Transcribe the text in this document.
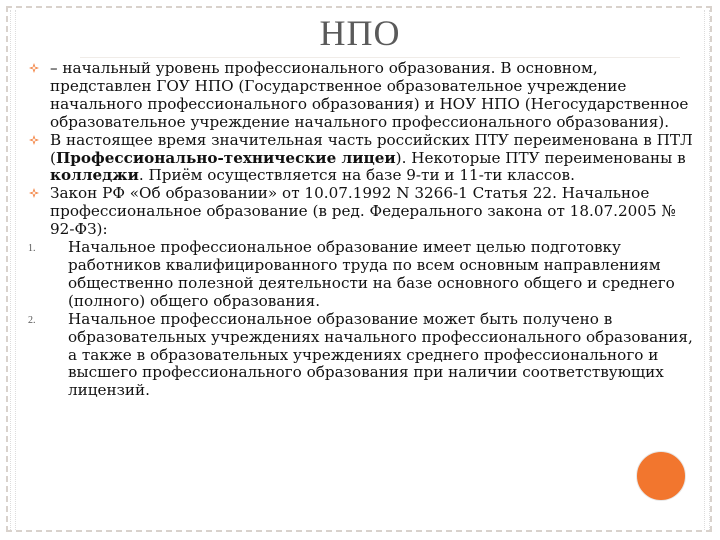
НПО

– начальный уровень профессионального образования. В основном, представлен ГОУ НПО (Государственное образовательное учреждение начального профессионального образования) и НОУ НПО (Негосударственное образовательное учреждение начального профессионального образования).

В настоящее время значительная часть российских ПТУ переименована в ПТЛ (Профессионально-технические лицеи). Некоторые ПТУ переименованы в колледжи. Приём осуществляется на базе 9-ти и 11-ти классов.

Закон РФ «Об образовании» от 10.07.1992 N 3266-1 Статья 22. Начальное профессиональное образование (в ред. Федерального закона от 18.07.2005 № 92-ФЗ):

1. Начальное профессиональное образование имеет целью подготовку работников квалифицированного труда по всем основным направлениям общественно полезной деятельности на базе основного общего и среднего (полного) общего образования.

2. Начальное профессиональное образование может быть получено в образовательных учреждениях начального профессионального образования, а также в образовательных учреждениях среднего профессионального и высшего профессионального образования при наличии соответствующих лицензий.
